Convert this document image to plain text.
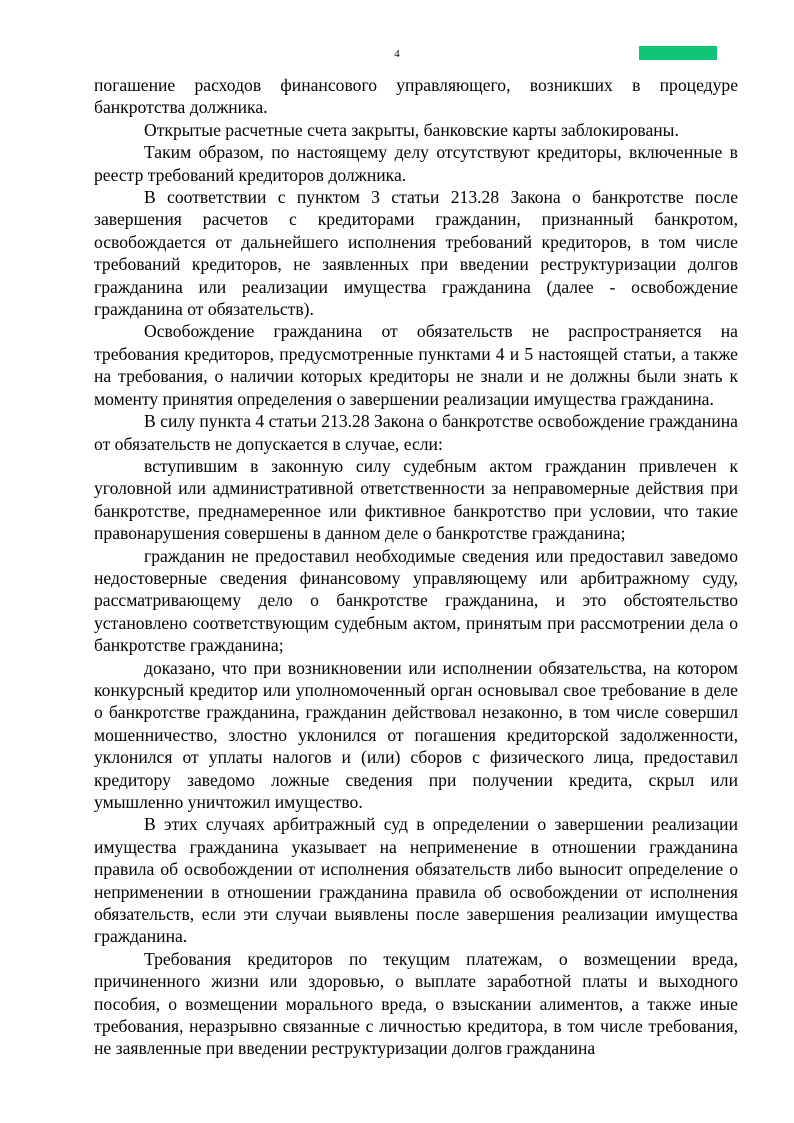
4

погашение расходов финансового управляющего, возникших в процедуре банкротства должника.

Открытые расчетные счета закрыты, банковские карты заблокированы.

Таким образом, по настоящему делу отсутствуют кредиторы, включенные в реестр требований кредиторов должника.

В соответствии с пунктом 3 статьи 213.28 Закона о банкротстве после завершения расчетов с кредиторами гражданин, признанный банкротом, освобождается от дальнейшего исполнения требований кредиторов, в том числе требований кредиторов, не заявленных при введении реструктуризации долгов гражданина или реализации имущества гражданина (далее - освобождение гражданина от обязательств).

Освобождение гражданина от обязательств не распространяется на требования кредиторов, предусмотренные пунктами 4 и 5 настоящей статьи, а также на требования, о наличии которых кредиторы не знали и не должны были знать к моменту принятия определения о завершении реализации имущества гражданина.

В силу пункта 4 статьи 213.28 Закона о банкротстве освобождение гражданина от обязательств не допускается в случае, если:

вступившим в законную силу судебным актом гражданин привлечен к уголовной или административной ответственности за неправомерные действия при банкротстве, преднамеренное или фиктивное банкротство при условии, что такие правонарушения совершены в данном деле о банкротстве гражданина;

гражданин не предоставил необходимые сведения или предоставил заведомо недостоверные сведения финансовому управляющему или арбитражному суду, рассматривающему дело о банкротстве гражданина, и это обстоятельство установлено соответствующим судебным актом, принятым при рассмотрении дела о банкротстве гражданина;

доказано, что при возникновении или исполнении обязательства, на котором конкурсный кредитор или уполномоченный орган основывал свое требование в деле о банкротстве гражданина, гражданин действовал незаконно, в том числе совершил мошенничество, злостно уклонился от погашения кредиторской задолженности, уклонился от уплаты налогов и (или) сборов с физического лица, предоставил кредитору заведомо ложные сведения при получении кредита, скрыл или умышленно уничтожил имущество.

В этих случаях арбитражный суд в определении о завершении реализации имущества гражданина указывает на неприменение в отношении гражданина правила об освобождении от исполнения обязательств либо выносит определение о неприменении в отношении гражданина правила об освобождении от исполнения обязательств, если эти случаи выявлены после завершения реализации имущества гражданина.

Требования кредиторов по текущим платежам, о возмещении вреда, причиненного жизни или здоровью, о выплате заработной платы и выходного пособия, о возмещении морального вреда, о взыскании алиментов, а также иные требования, неразрывно связанные с личностью кредитора, в том числе требования, не заявленные при введении реструктуризации долгов гражданина
